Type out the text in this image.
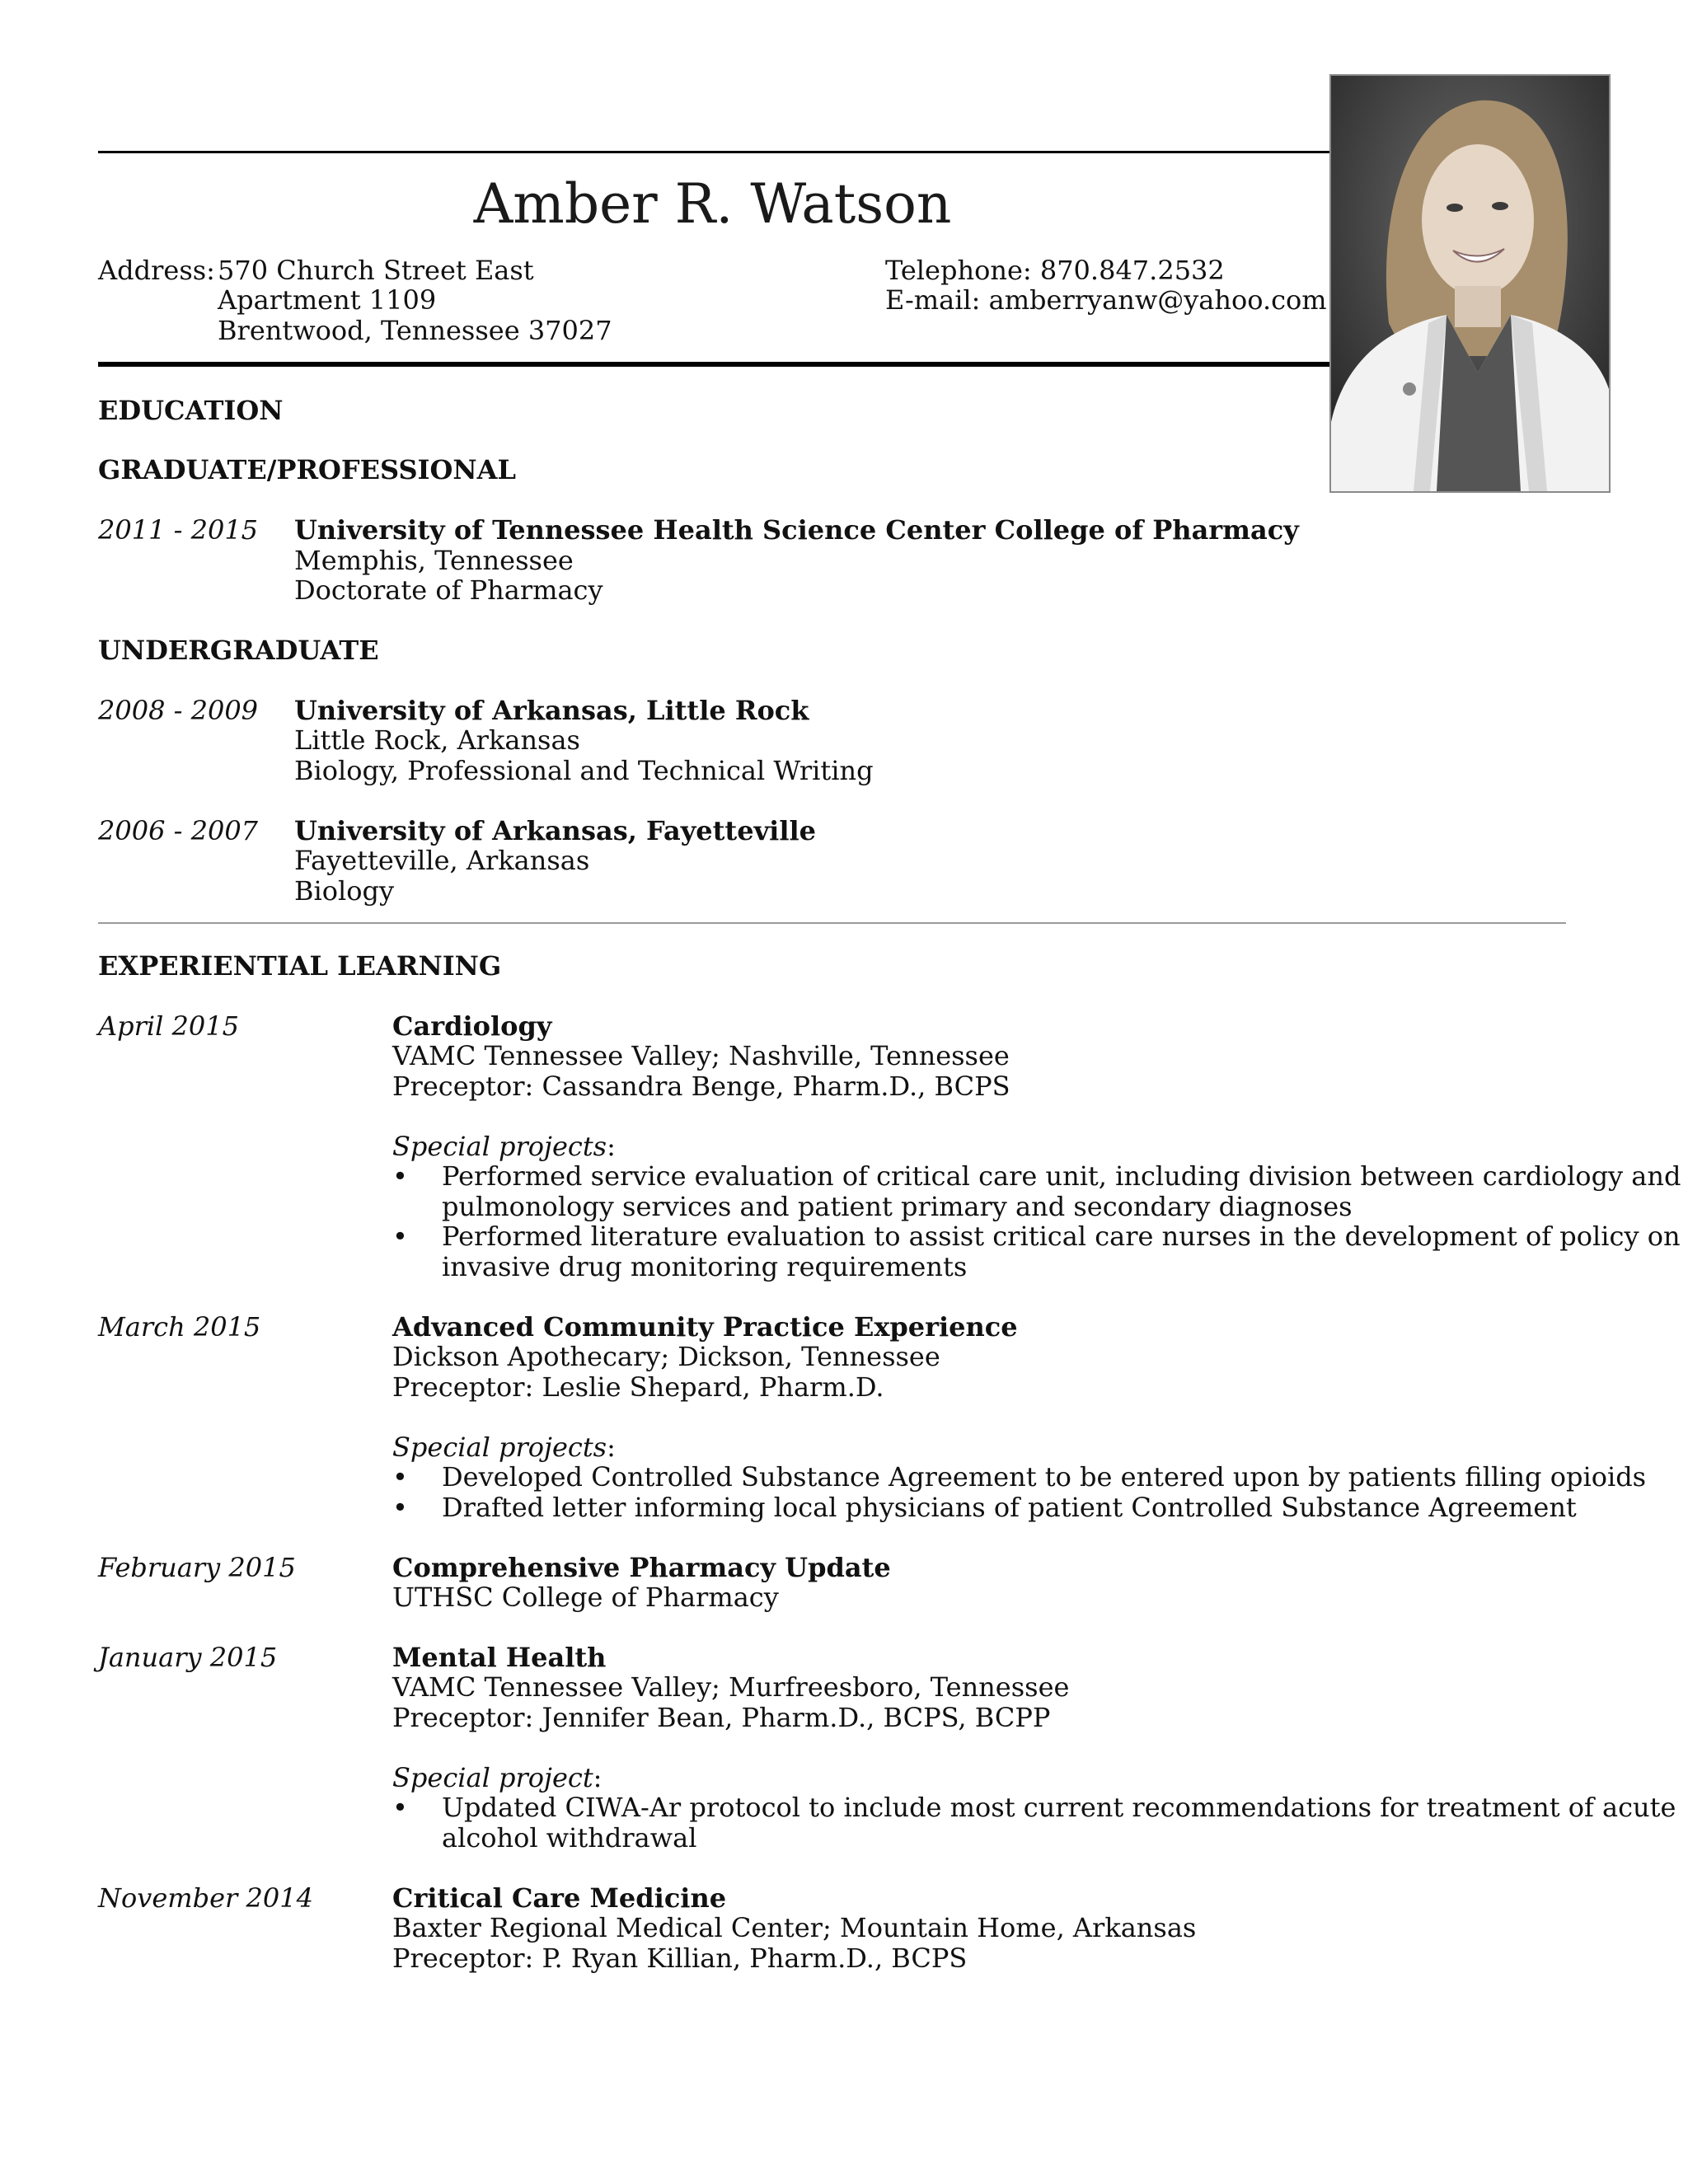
Amber R. Watson
Address: 570 Church Street East
Apartment 1109
Brentwood, Tennessee 37027
Telephone: 870.847.2532
E-mail: amberryanw@yahoo.com
EDUCATION
GRADUATE/PROFESSIONAL
2011 - 2015 University of Tennessee Health Science Center College of Pharmacy
Memphis, Tennessee
Doctorate of Pharmacy
UNDERGRADUATE
2008 - 2009 University of Arkansas, Little Rock
Little Rock, Arkansas
Biology, Professional and Technical Writing
2006 - 2007 University of Arkansas, Fayetteville
Fayetteville, Arkansas
Biology
EXPERIENTIAL LEARNING
April 2015	Cardiology
VAMC Tennessee Valley; Nashville, Tennessee
Preceptor: Cassandra Benge, Pharm.D., BCPS
Special projects:
• Performed service evaluation of critical care unit, including division between cardiology and
pulmonology services and patient primary and secondary diagnoses
• Performed literature evaluation to assist critical care nurses in the development of policy on
invasive drug monitoring requirements
March 2015	Advanced Community Practice Experience
Dickson Apothecary; Dickson, Tennessee
Preceptor: Leslie Shepard, Pharm.D.
Special projects:
• Developed Controlled Substance Agreement to be entered upon by patients filling opioids
• Drafted letter informing local physicians of patient Controlled Substance Agreement
February 2015	Comprehensive Pharmacy Update
UTHSC College of Pharmacy
January 2015	Mental Health
VAMC Tennessee Valley; Murfreesboro, Tennessee
Preceptor: Jennifer Bean, Pharm.D., BCPS, BCPP
Special project:
• Updated CIWA-Ar protocol to include most current recommendations for treatment of acute
alcohol withdrawal
November 2014	Critical Care Medicine
Baxter Regional Medical Center; Mountain Home, Arkansas
Preceptor: P. Ryan Killian, Pharm.D., BCPS
